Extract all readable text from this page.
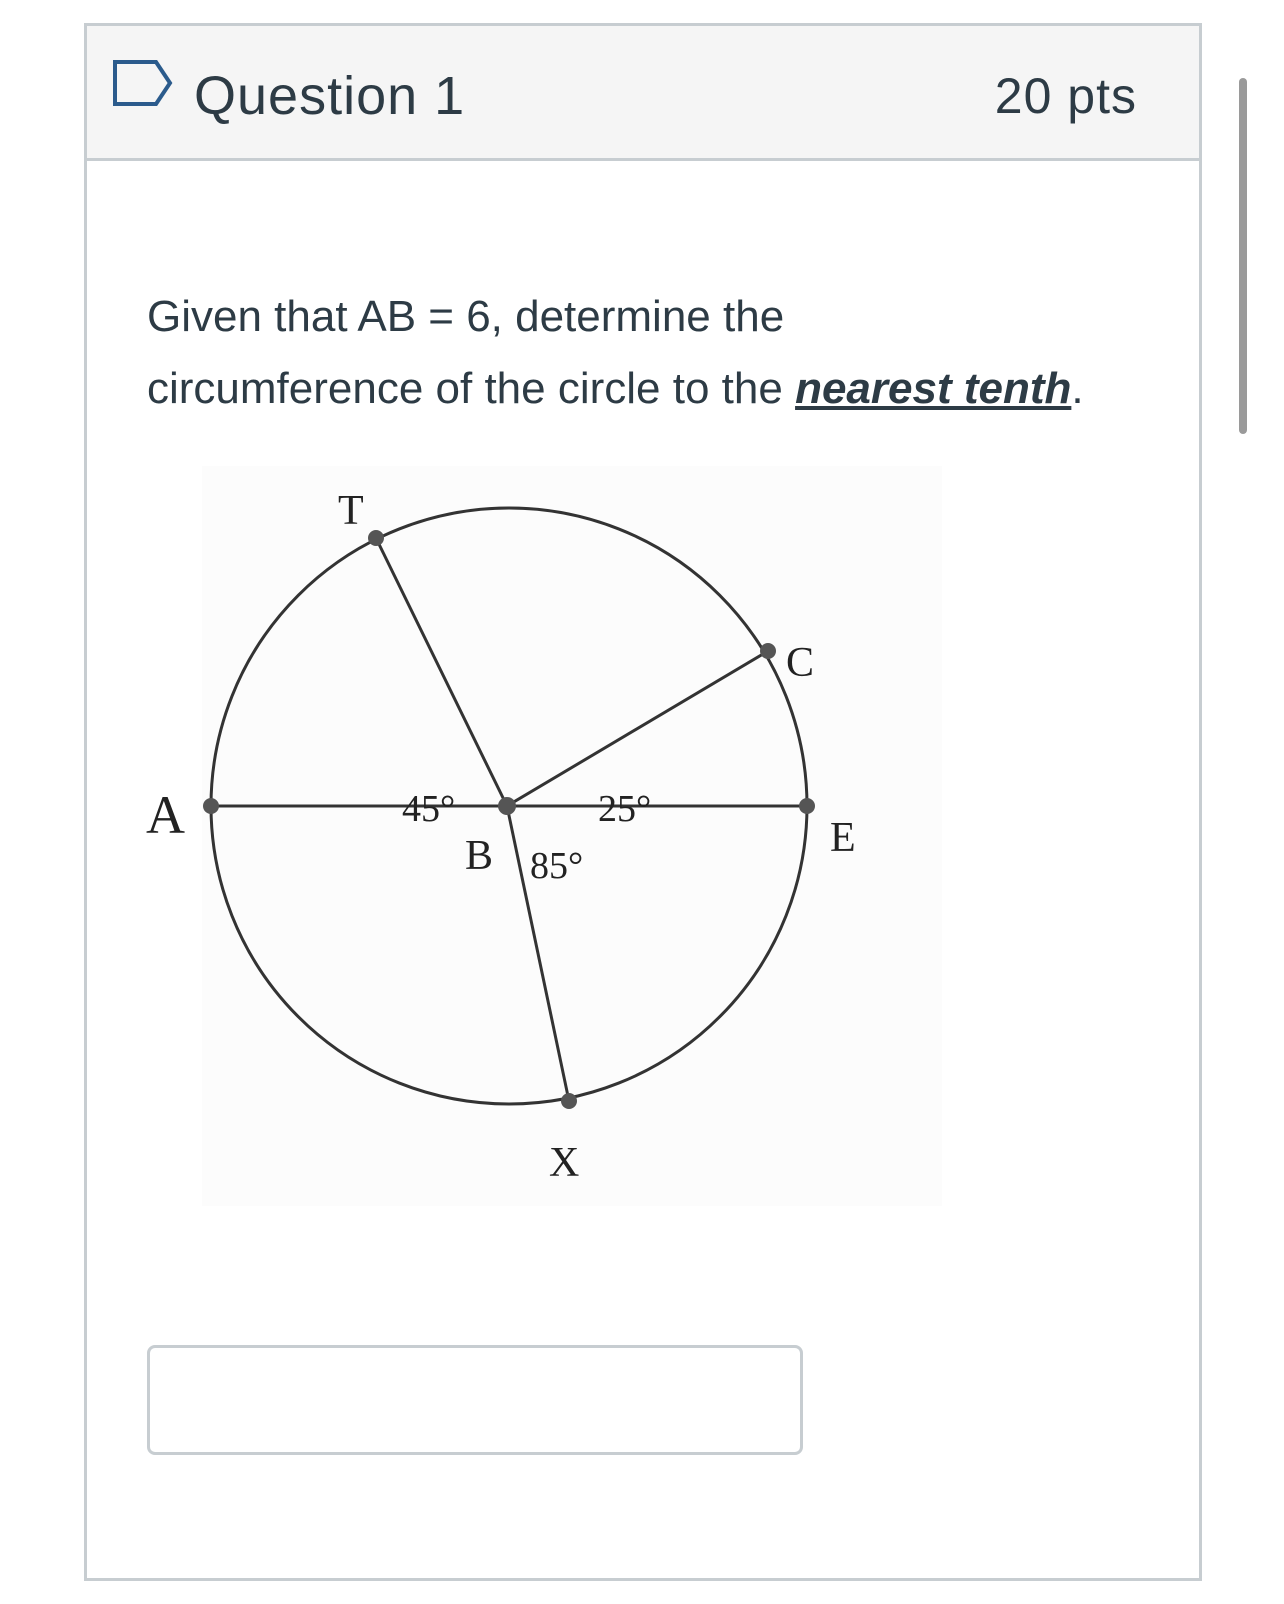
Question 1	20 pts
Given that AB = 6, determine the
circumference of the circle to the nearest tenth.
A
B
T
C
E
X
45°	25°
85°
